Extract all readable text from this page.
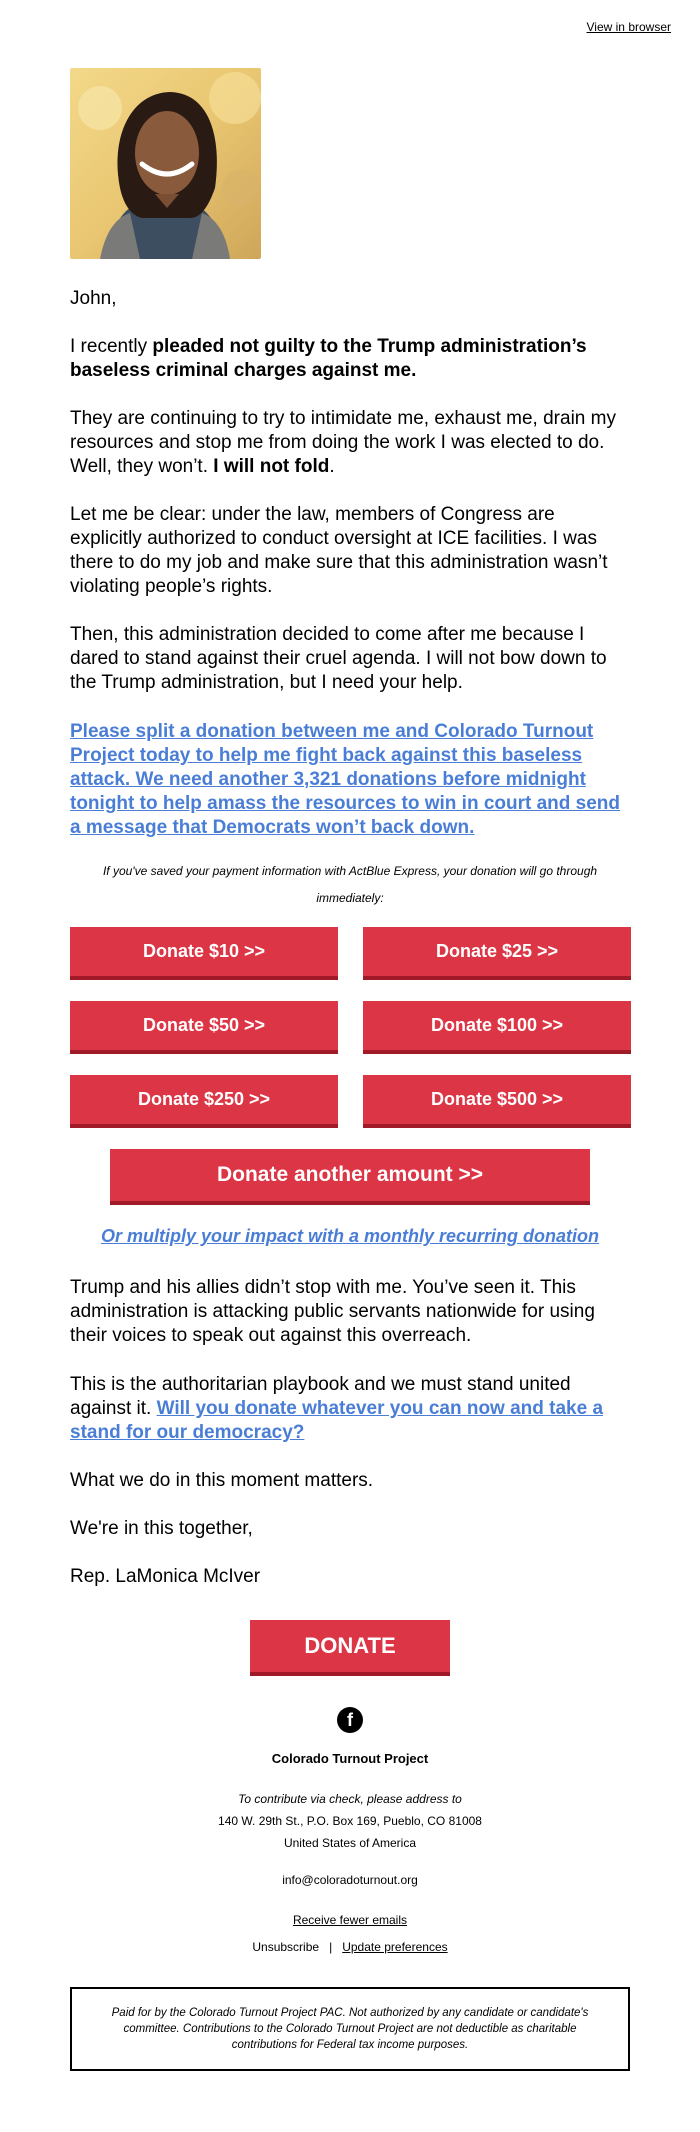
View in browser
John,
I recently pleaded not guilty to the Trump administration’s baseless criminal charges against me.
They are continuing to try to intimidate me, exhaust me, drain my resources and stop me from doing the work I was elected to do. Well, they won’t. I will not fold.
Let me be clear: under the law, members of Congress are explicitly authorized to conduct oversight at ICE facilities. I was there to do my job and make sure that this administration wasn’t violating people’s rights.
Then, this administration decided to come after me because I dared to stand against their cruel agenda. I will not bow down to the Trump administration, but I need your help.
Please split a donation between me and Colorado Turnout Project today to help me fight back against this baseless attack. We need another 3,321 donations before midnight tonight to help amass the resources to win in court and send a message that Democrats won’t back down.
If you've saved your payment information with ActBlue Express, your donation will go through immediately:
Donate $10 >>	Donate $25 >>
Donate $50 >>	Donate $100 >>
Donate $250 >>	Donate $500 >>
Donate another amount >>
Or multiply your impact with a monthly recurring donation
Trump and his allies didn’t stop with me. You’ve seen it. This administration is attacking public servants nationwide for using their voices to speak out against this overreach.
This is the authoritarian playbook and we must stand united against it. Will you donate whatever you can now and take a stand for our democracy?
What we do in this moment matters.
We're in this together,
Rep. LaMonica McIver
DONATE
f
Colorado Turnout Project
To contribute via check, please address to
140 W. 29th St., P.O. Box 169, Pueblo, CO 81008
United States of America
info@coloradoturnout.org
Receive fewer emails
Unsubscribe | Update preferences
Paid for by the Colorado Turnout Project PAC. Not authorized by any candidate or candidate's committee. Contributions to the Colorado Turnout Project are not deductible as charitable contributions for Federal tax income purposes.
